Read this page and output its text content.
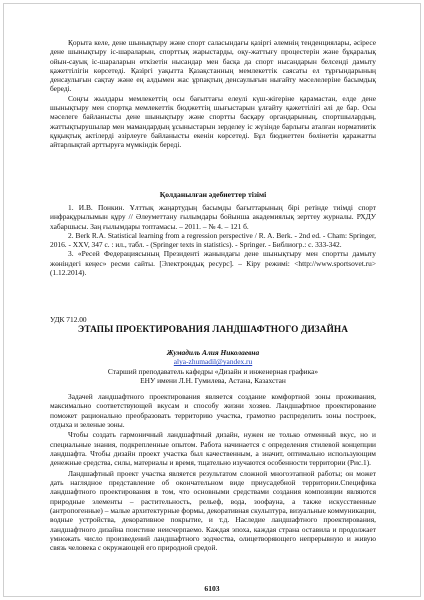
Қорыта келе, дене шынықтыру және спорт саласындағы қазіргі әлемнің тенденциялары, әсіресе дене шынықтыру іс-шараларын, спорттық жарыстарды, оқу-жаттығу процестерін және бұқаралық ойын-сауық іс-шараларын өткізетін нысандар мен басқа да спорт нысандарын белсенді дамыту қажеттілігін көрсетеді. Қазіргі уақытта Қазақстанның мемлекеттік саясаты ел тұрғындарының денсаулығын сақтау және ең алдымен жас ұрпақтың денсаулығын нығайту мәселелеріне басымдық береді.

Соңғы жылдары мемлекеттің осы бағыттағы елеулі күш-жігеріне қарамастан, елде дене шынықтыру мен спортқа мемлекеттік бюджеттің шығыстарын ұлғайту қажеттілігі әлі де бар. Осы мәселеге байланысты дене шынықтыру және спортты басқару органдарының, спортшылардың, жаттықтырушылар мен мамандардың ұсыныстарын зерделеу іс жүзінде барлығы аталған нормативтік құқықтық актілерді әзірлеуге байланысты екенін көрсетеді. Бұл бюджеттен бөлінетін қаражатты айтарлықтай арттыруға мүмкіндік береді.

Қолданылған әдебиеттер тізімі

1. И.В. Понкин. Ұлттық жаңартудың басымды бағыттарының бірі ретінде тиімді спорт инфрақұрылымын құру // Әлеуметтану ғылымдары бойынша академиялық зерттеу журналы. РХДУ хабаршысы. Заң ғылымдары топтамасы. – 2011. – № 4. – 121 б.

2. Berk R.A. Statistical learning from a regression perspective / R. A. Berk. - 2nd ed. - Cham: Springer, 2016. - XXV, 347 с. : ил., табл. - (Springer texts in statistics). - Springer. - Библиогр.: с. 333-342.

3. «Ресей Федерациясының Президенті жанындағы дене шынықтыру мен спортты дамыту жөніндегі кеңес» ресми сайты. [Электрондық ресурс]. – Кіру режимі: <http://www.sportsovet.ru> (1.12.2014).

УДК 712.00
ЭТАПЫ ПРОЕКТИРОВАНИЯ ЛАНДШАФТНОГО ДИЗАЙНА
Жумадиль Алия Николаевна
alya-zhumadil@yandex.ru
Старший преподаватель кафедры «Дизайн и инженерная графика»
ЕНУ имени Л.Н. Гумилева, Астана, Казахстан

Задачей ландшафтного проектирования является создание комфортной зоны проживания, максимально соответствующей вкусам и способу жизни хозяев. Ландшафтное проектирование поможет рационально преобразовать территорию участка, грамотно распределить зоны построек, отдыха и зеленые зоны.

Чтобы создать гармоничный ландшафтный дизайн, нужен не только отменный вкус, но и специальные знания, подкрепленные опытом. Работа начинается с определения стилевой концепции ландшафта. Чтобы дизайн проект участка был качественным, а значит, оптимально использующим денежные средства, силы, материалы и время, тщательно изучаются особенности территории (Рис.1).

Ландшафтный проект участка является результатом сложной многоэтапной работы; он может дать наглядное представление об окончательном виде приусадебной территории.Специфика ландшафтного проектирования в том, что основными средствами создания композиции являются природные элементы – растительность, рельеф, вода, зоофауна, а также искусственные (антропогенные) – малые архитектурные формы, декоративная скульптура, визуальные коммуникации, водные устройства, декоративное покрытие, и т.д. Наследие ландшафтного проектирования, ландшафтного дизайна поистине неисчерпаемо. Каждая эпоха, каждая страна оставила и продолжает умножать число произведений ландшафтного зодчества, олицетворяющего непрерывную и живую связь человека с окружающей его природной средой.

6103
